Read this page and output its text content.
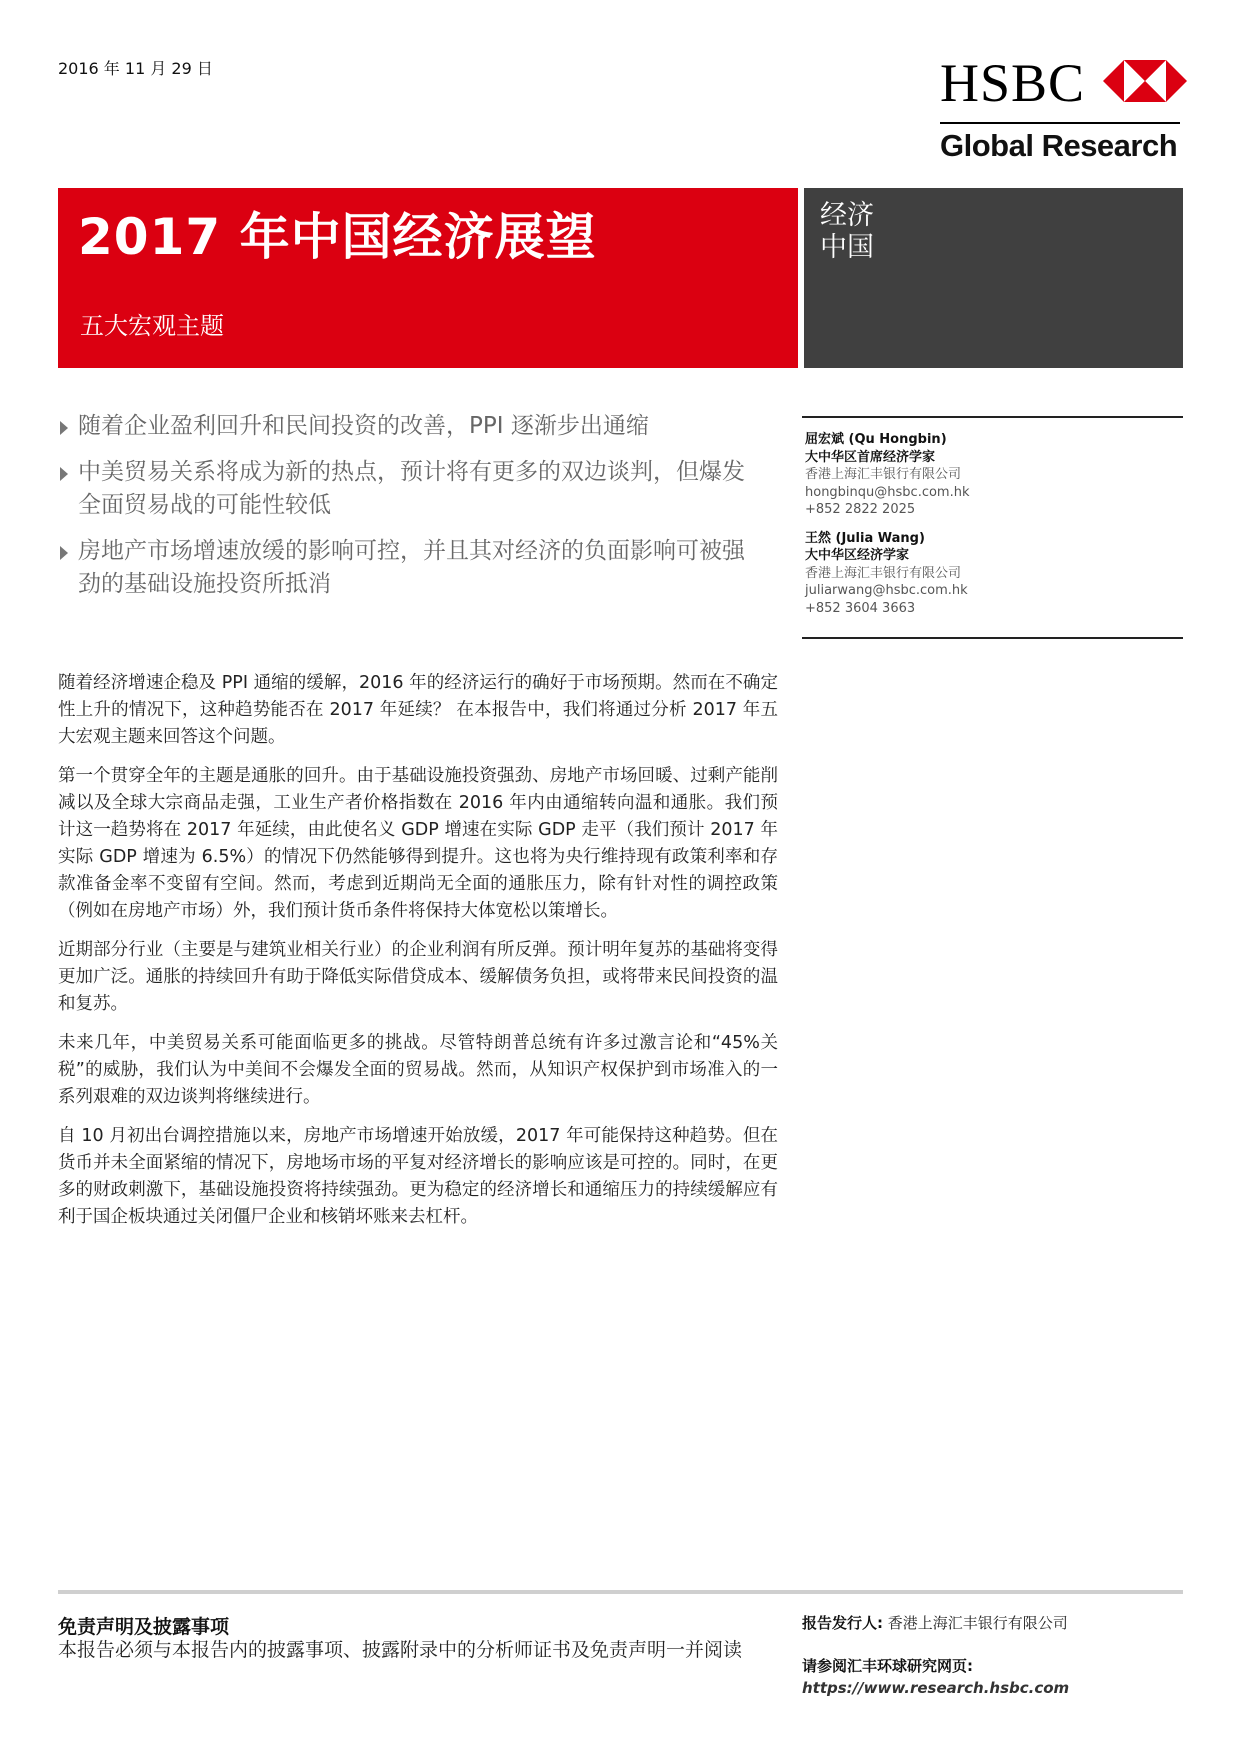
2016 年 11 月 29 日	HSBC
Global Research
2017 年中国经济展望
五大宏观主题
经济
中国
随着企业盈利回升和民间投资的改善，PPI 逐渐步出通缩
中美贸易关系将成为新的热点，预计将有更多的双边谈判，但爆发全面贸易战的可能性较低
房地产市场增速放缓的影响可控，并且其对经济的负面影响可被强劲的基础设施投资所抵消
屈宏斌 (Qu Hongbin)
大中华区首席经济学家
香港上海汇丰银行有限公司
hongbinqu@hsbc.com.hk
+852 2822 2025
王然 (Julia Wang)
大中华区经济学家
香港上海汇丰银行有限公司
juliarwang@hsbc.com.hk
+852 3604 3663

随着经济增速企稳及 PPI 通缩的缓解，2016 年的经济运行的确好于市场预期。然而在不确定性上升的情况下，这种趋势能否在 2017 年延续？ 在本报告中，我们将通过分析 2017 年五大宏观主题来回答这个问题。

第一个贯穿全年的主题是通胀的回升。由于基础设施投资强劲、房地产市场回暖、过剩产能削减以及全球大宗商品走强，工业生产者价格指数在 2016 年内由通缩转向温和通胀。我们预计这一趋势将在 2017 年延续，由此使名义 GDP 增速在实际 GDP 走平（我们预计 2017 年实际 GDP 增速为 6.5%）的情况下仍然能够得到提升。这也将为央行维持现有政策利率和存款准备金率不变留有空间。然而，考虑到近期尚无全面的通胀压力，除有针对性的调控政策（例如在房地产市场）外，我们预计货币条件将保持大体宽松以策增长。

近期部分行业（主要是与建筑业相关行业）的企业利润有所反弹。预计明年复苏的基础将变得更加广泛。通胀的持续回升有助于降低实际借贷成本、缓解债务负担，或将带来民间投资的温和复苏。

未来几年，中美贸易关系可能面临更多的挑战。尽管特朗普总统有许多过激言论和“45%关税”的威胁，我们认为中美间不会爆发全面的贸易战。然而，从知识产权保护到市场准入的一系列艰难的双边谈判将继续进行。

自 10 月初出台调控措施以来，房地产市场增速开始放缓，2017 年可能保持这种趋势。但在货币并未全面紧缩的情况下，房地场市场的平复对经济增长的影响应该是可控的。同时，在更多的财政刺激下，基础设施投资将持续强劲。更为稳定的经济增长和通缩压力的持续缓解应有利于国企板块通过关闭僵尸企业和核销坏账来去杠杆。

免责声明及披露事项
本报告必须与本报告内的披露事项、披露附录中的分析师证书及免责声明一并阅读
报告发行人: 香港上海汇丰银行有限公司
请参阅汇丰环球研究网页:
https://www.research.hsbc.com
